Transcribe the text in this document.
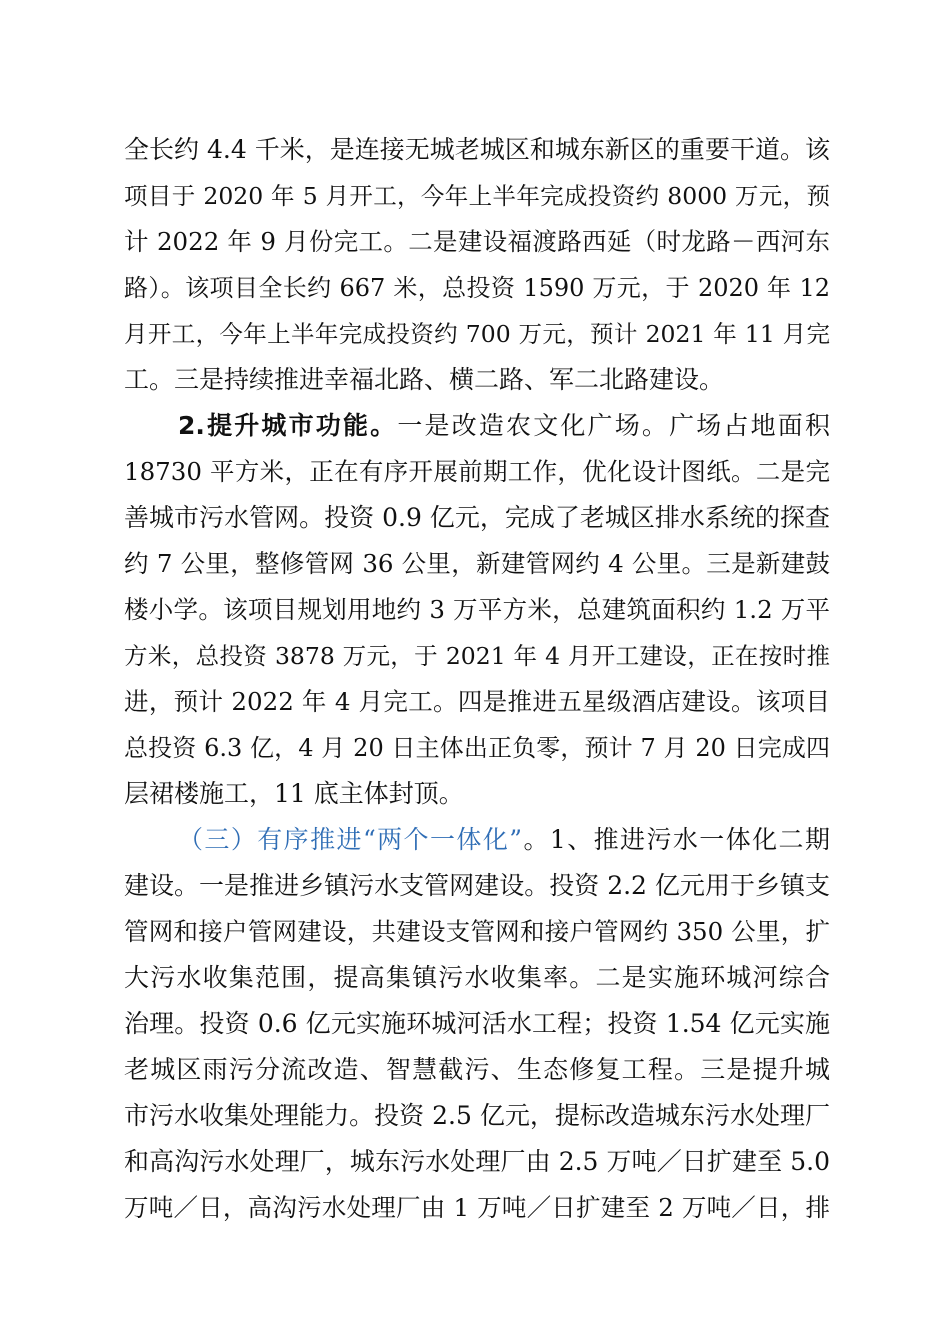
全长约 4.4 千米，是连接无城老城区和城东新区的重要干道。该
项目于 2020 年 5 月开工，今年上半年完成投资约 8000 万元，预
计 2022 年 9 月份完工。二是建设福渡路西延（时龙路－西河东
路）。该项目全长约 667 米，总投资 1590 万元，于 2020 年 12
月开工，今年上半年完成投资约 700 万元，预计 2021 年 11 月完
工。三是持续推进幸福北路、横二路、军二北路建设。
2.提升城市功能。一是改造农文化广场。广场占地面积
18730 平方米，正在有序开展前期工作，优化设计图纸。二是完
善城市污水管网。投资 0.9 亿元，完成了老城区排水系统的探查
约 7 公里，整修管网 36 公里，新建管网约 4 公里。三是新建鼓
楼小学。该项目规划用地约 3 万平方米，总建筑面积约 1.2 万平
方米，总投资 3878 万元，于 2021 年 4 月开工建设，正在按时推
进，预计 2022 年 4 月完工。四是推进五星级酒店建设。该项目
总投资 6.3 亿，4 月 20 日主体出正负零，预计 7 月 20 日完成四
层裙楼施工，11 底主体封顶。
（三）有序推进“两个一体化”。1、推进污水一体化二期
建设。一是推进乡镇污水支管网建设。投资 2.2 亿元用于乡镇支
管网和接户管网建设，共建设支管网和接户管网约 350 公里，扩
大污水收集范围，提高集镇污水收集率。二是实施环城河综合
治理。投资 0.6 亿元实施环城河活水工程；投资 1.54 亿元实施
老城区雨污分流改造、智慧截污、生态修复工程。三是提升城
市污水收集处理能力。投资 2.5 亿元，提标改造城东污水处理厂
和高沟污水处理厂，城东污水处理厂由 2.5 万吨／日扩建至 5.0
万吨／日，高沟污水处理厂由 1 万吨／日扩建至 2 万吨／日，排
